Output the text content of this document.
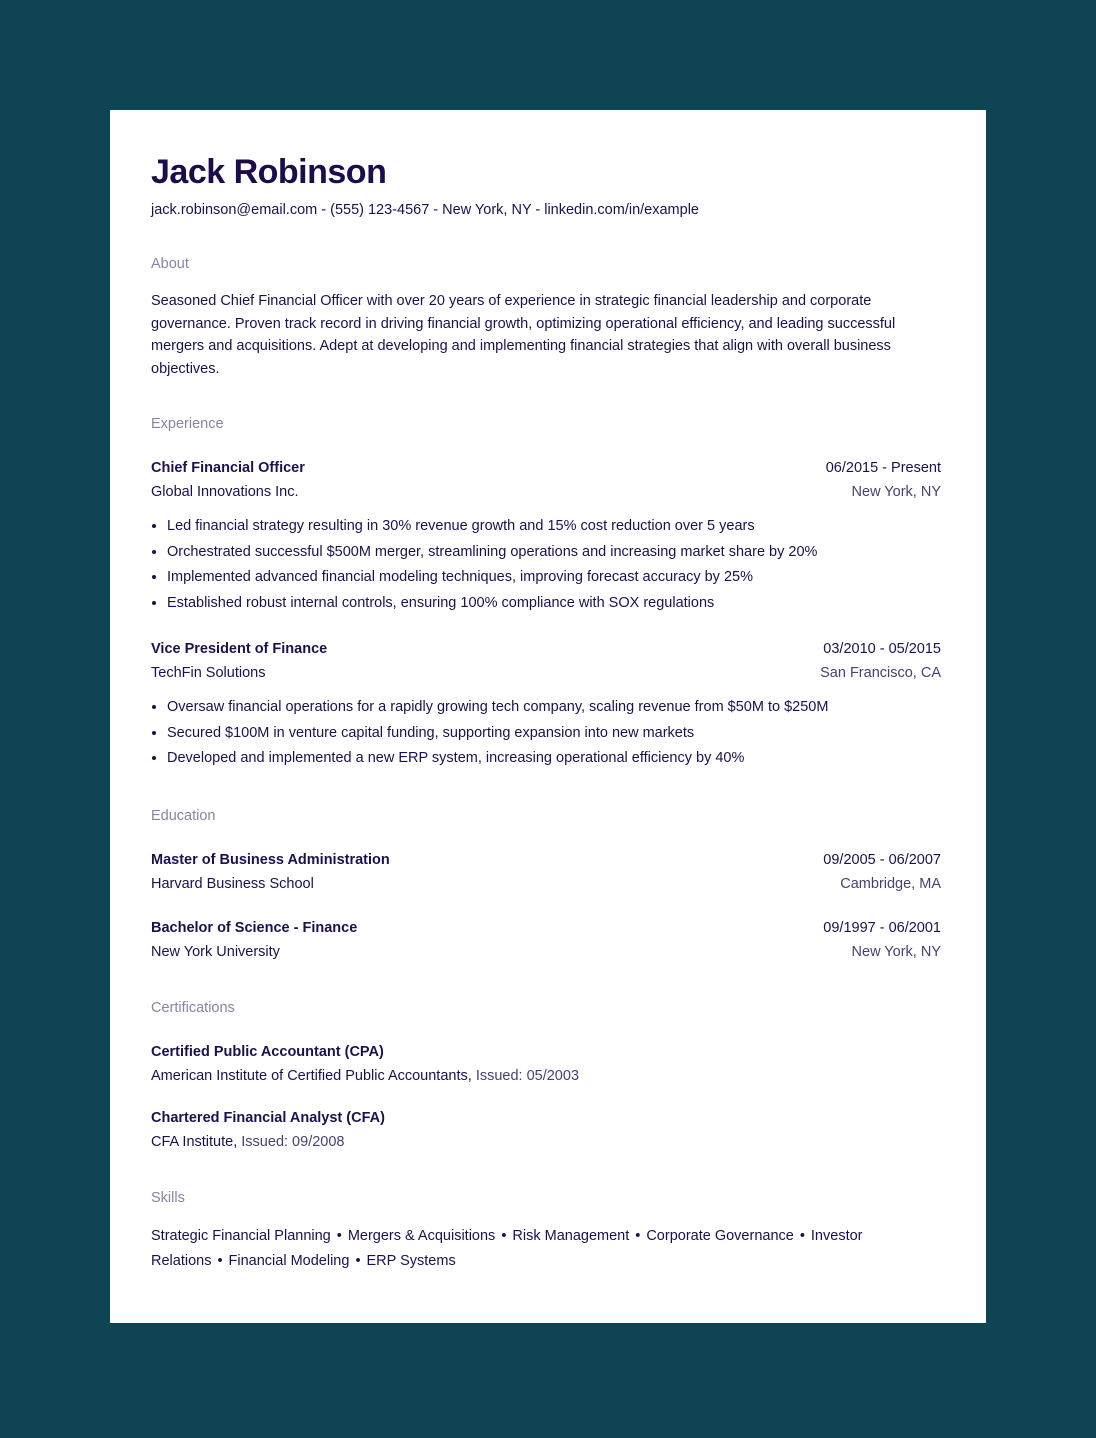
Jack Robinson
jack.robinson@email.com - (555) 123-4567 - New York, NY - linkedin.com/in/example
About
Seasoned Chief Financial Officer with over 20 years of experience in strategic financial leadership and corporate governance. Proven track record in driving financial growth, optimizing operational efficiency, and leading successful mergers and acquisitions. Adept at developing and implementing financial strategies that align with overall business objectives.
Experience
Chief Financial Officer	06/2015 - Present
Global Innovations Inc.	New York, NY
• Led financial strategy resulting in 30% revenue growth and 15% cost reduction over 5 years
• Orchestrated successful $500M merger, streamlining operations and increasing market share by 20%
• Implemented advanced financial modeling techniques, improving forecast accuracy by 25%
• Established robust internal controls, ensuring 100% compliance with SOX regulations
Vice President of Finance	03/2010 - 05/2015
TechFin Solutions	San Francisco, CA
• Oversaw financial operations for a rapidly growing tech company, scaling revenue from $50M to $250M
• Secured $100M in venture capital funding, supporting expansion into new markets
• Developed and implemented a new ERP system, increasing operational efficiency by 40%
Education
Master of Business Administration	09/2005 - 06/2007
Harvard Business School	Cambridge, MA
Bachelor of Science - Finance	09/1997 - 06/2001
New York University	New York, NY
Certifications
Certified Public Accountant (CPA)
American Institute of Certified Public Accountants, Issued: 05/2003
Chartered Financial Analyst (CFA)
CFA Institute, Issued: 09/2008
Skills
Strategic Financial Planning • Mergers & Acquisitions • Risk Management • Corporate Governance • Investor Relations • Financial Modeling • ERP Systems
